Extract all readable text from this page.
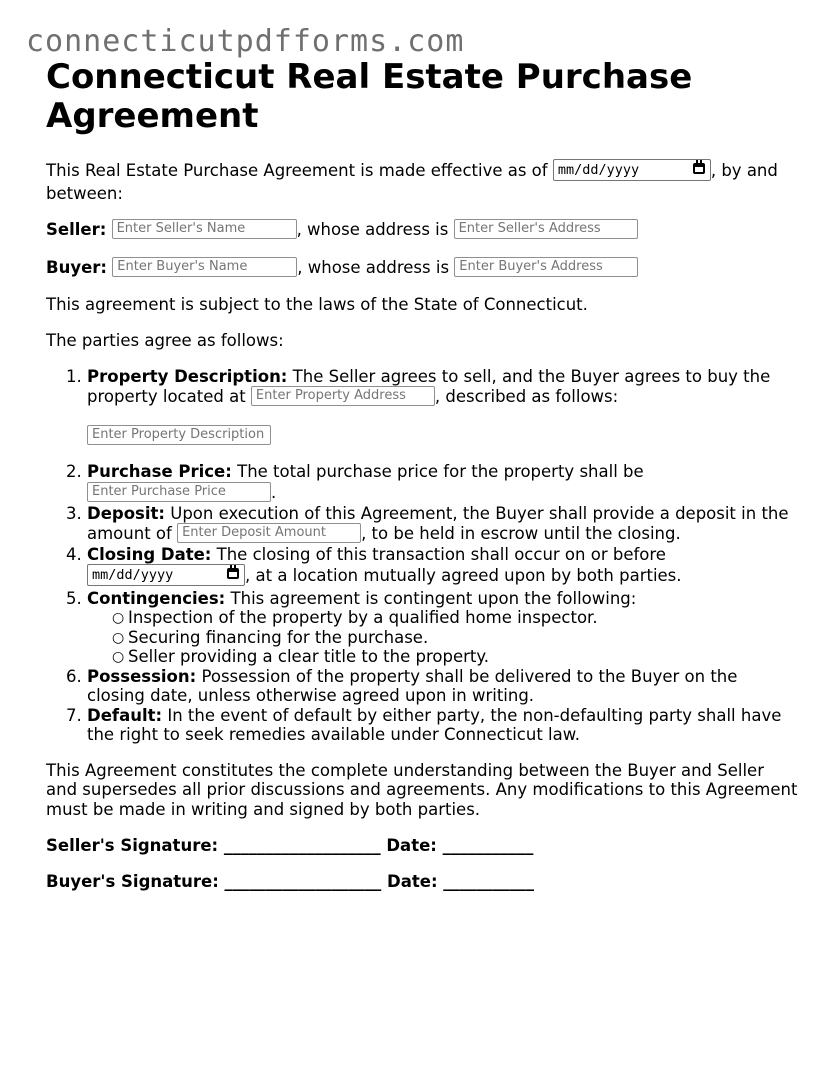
connecticutpdfforms.com
Connecticut Real Estate Purchase Agreement
This Real Estate Purchase Agreement is made effective as of mm/dd/yyyy	, by and
between:
Seller: Enter Seller's Name	, whose address is Enter Seller's Address
Buyer: Enter Buyer's Name	, whose address is Enter Buyer's Address
This agreement is subject to the laws of the State of Connecticut.
The parties agree as follows:
1. Property Description: The Seller agrees to sell, and the Buyer agrees to buy the
property located at Enter Property Address , described as follows:
Enter Property Description
2. Purchase Price: The total purchase price for the property shall be
Enter Purchase Price	.
3. Deposit: Upon execution of this Agreement, the Buyer shall provide a deposit in the
amount of Enter Deposit Amount , to be held in escrow until the closing.
4. Closing Date: The closing of this transaction shall occur on or before
mm/dd/yyyy	, at a location mutually agreed upon by both parties.
5. Contingencies: This agreement is contingent upon the following:
○ Inspection of the property by a qualified home inspector.
○ Securing financing for the purchase.
○ Seller providing a clear title to the property.
6. Possession: Possession of the property shall be delivered to the Buyer on the
closing date, unless otherwise agreed upon in writing.
7. Default: In the event of default by either party, the non-defaulting party shall have
the right to seek remedies available under Connecticut law.
This Agreement constitutes the complete understanding between the Buyer and Seller
and supersedes all prior discussions and agreements. Any modifications to this Agreement
must be made in writing and signed by both parties.
Seller's Signature: ___________________ Date: ___________
Buyer's Signature: ___________________ Date: ___________
